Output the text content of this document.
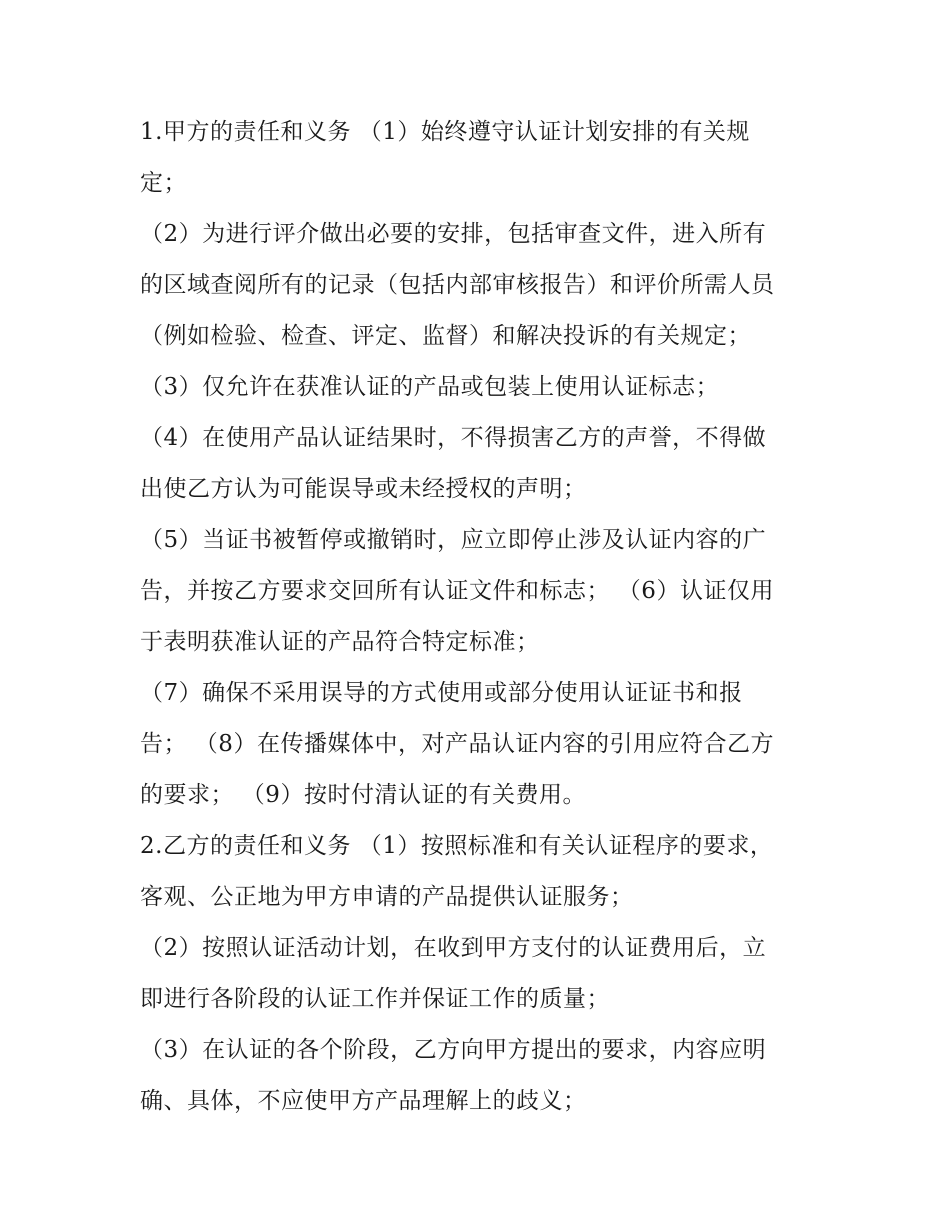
1.甲方的责任和义务 （1）始终遵守认证计划安排的有关规
定；
（2）为进行评介做出必要的安排，包括审查文件，进入所有
的区域查阅所有的记录（包括内部审核报告）和评价所需人员
（例如检验、检查、评定、监督）和解决投诉的有关规定；
（3）仅允许在获准认证的产品或包装上使用认证标志；
（4）在使用产品认证结果时，不得损害乙方的声誉，不得做
出使乙方认为可能误导或未经授权的声明；
（5）当证书被暂停或撤销时，应立即停止涉及认证内容的广
告，并按乙方要求交回所有认证文件和标志； （6）认证仅用
于表明获准认证的产品符合特定标准；
（7）确保不采用误导的方式使用或部分使用认证证书和报
告； （8）在传播媒体中，对产品认证内容的引用应符合乙方
的要求； （9）按时付清认证的有关费用。
2.乙方的责任和义务 （1）按照标准和有关认证程序的要求，
客观、公正地为甲方申请的产品提供认证服务；
（2）按照认证活动计划，在收到甲方支付的认证费用后，立
即进行各阶段的认证工作并保证工作的质量；
（3）在认证的各个阶段，乙方向甲方提出的要求，内容应明
确、具体，不应使甲方产品理解上的歧义；
